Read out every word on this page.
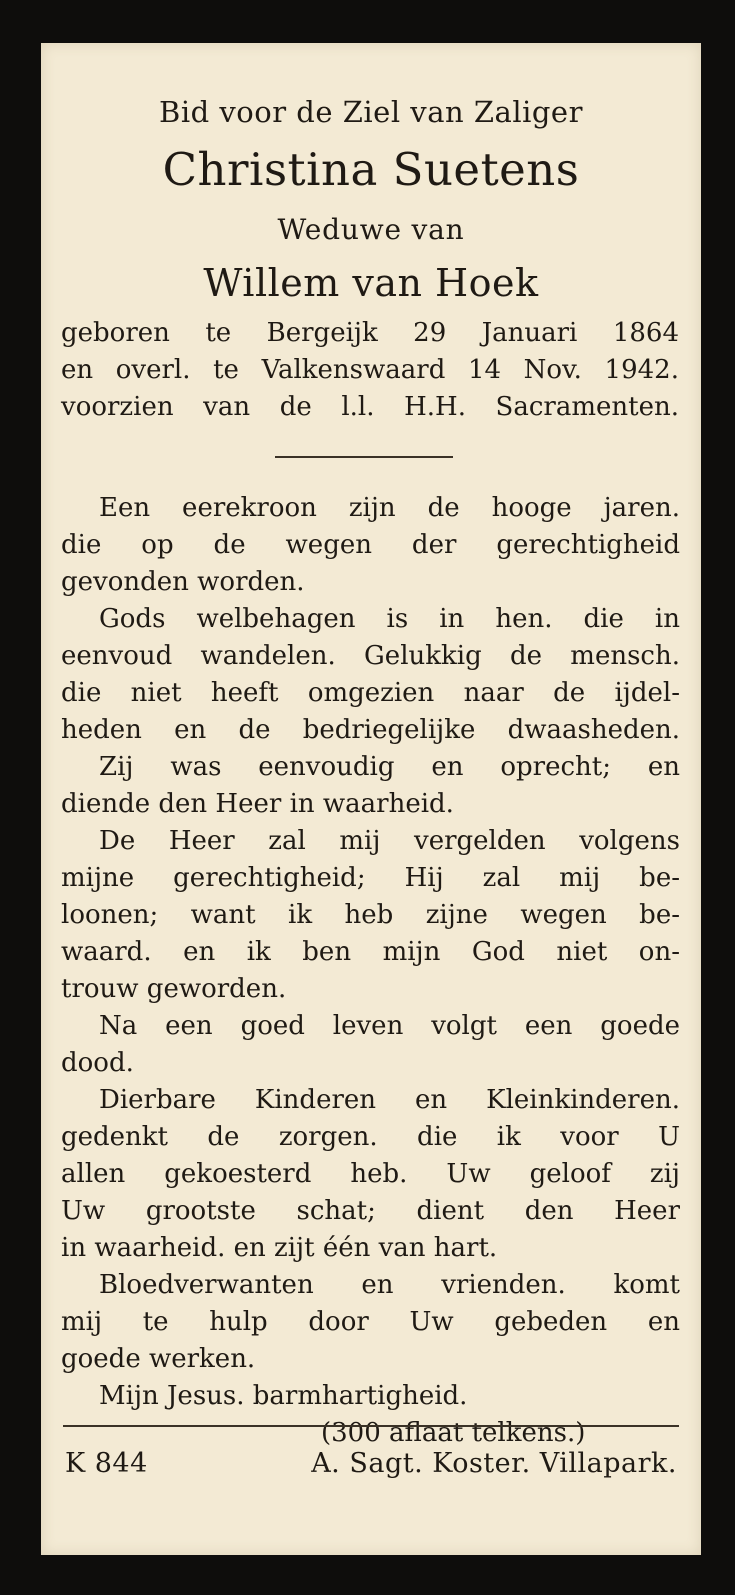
Bid voor de Ziel van Zaliger
Christina Suetens
Weduwe van
Willem van Hoek
geboren te Bergeijk 29 Januari 1864
en overl. te Valkenswaard 14 Nov. 1942.
voorzien van de l.l. H.H. Sacramenten.
Een eerekroon zijn de hooge jaren.
die op de wegen der gerechtigheid
gevonden worden.
Gods welbehagen is in hen. die in
eenvoud wandelen. Gelukkig de mensch.
die niet heeft omgezien naar de ijdel-
heden en de bedriegelijke dwaasheden.
Zij was eenvoudig en oprecht; en
diende den Heer in waarheid.
De Heer zal mij vergelden volgens
mijne gerechtigheid; Hij zal mij be-
loonen; want ik heb zijne wegen be-
waard. en ik ben mijn God niet on-
trouw geworden.
Na een goed leven volgt een goede
dood.
Dierbare Kinderen en Kleinkinderen.
gedenkt de zorgen. die ik voor U
allen gekoesterd heb. Uw geloof zij
Uw grootste schat; dient den Heer
in waarheid. en zijt één van hart.
Bloedverwanten en vrienden. komt
mij te hulp door Uw gebeden en
goede werken.
Mijn Jesus. barmhartigheid.
(300 aflaat telkens.)
K 844	A. Sagt. Koster. Villapark.
